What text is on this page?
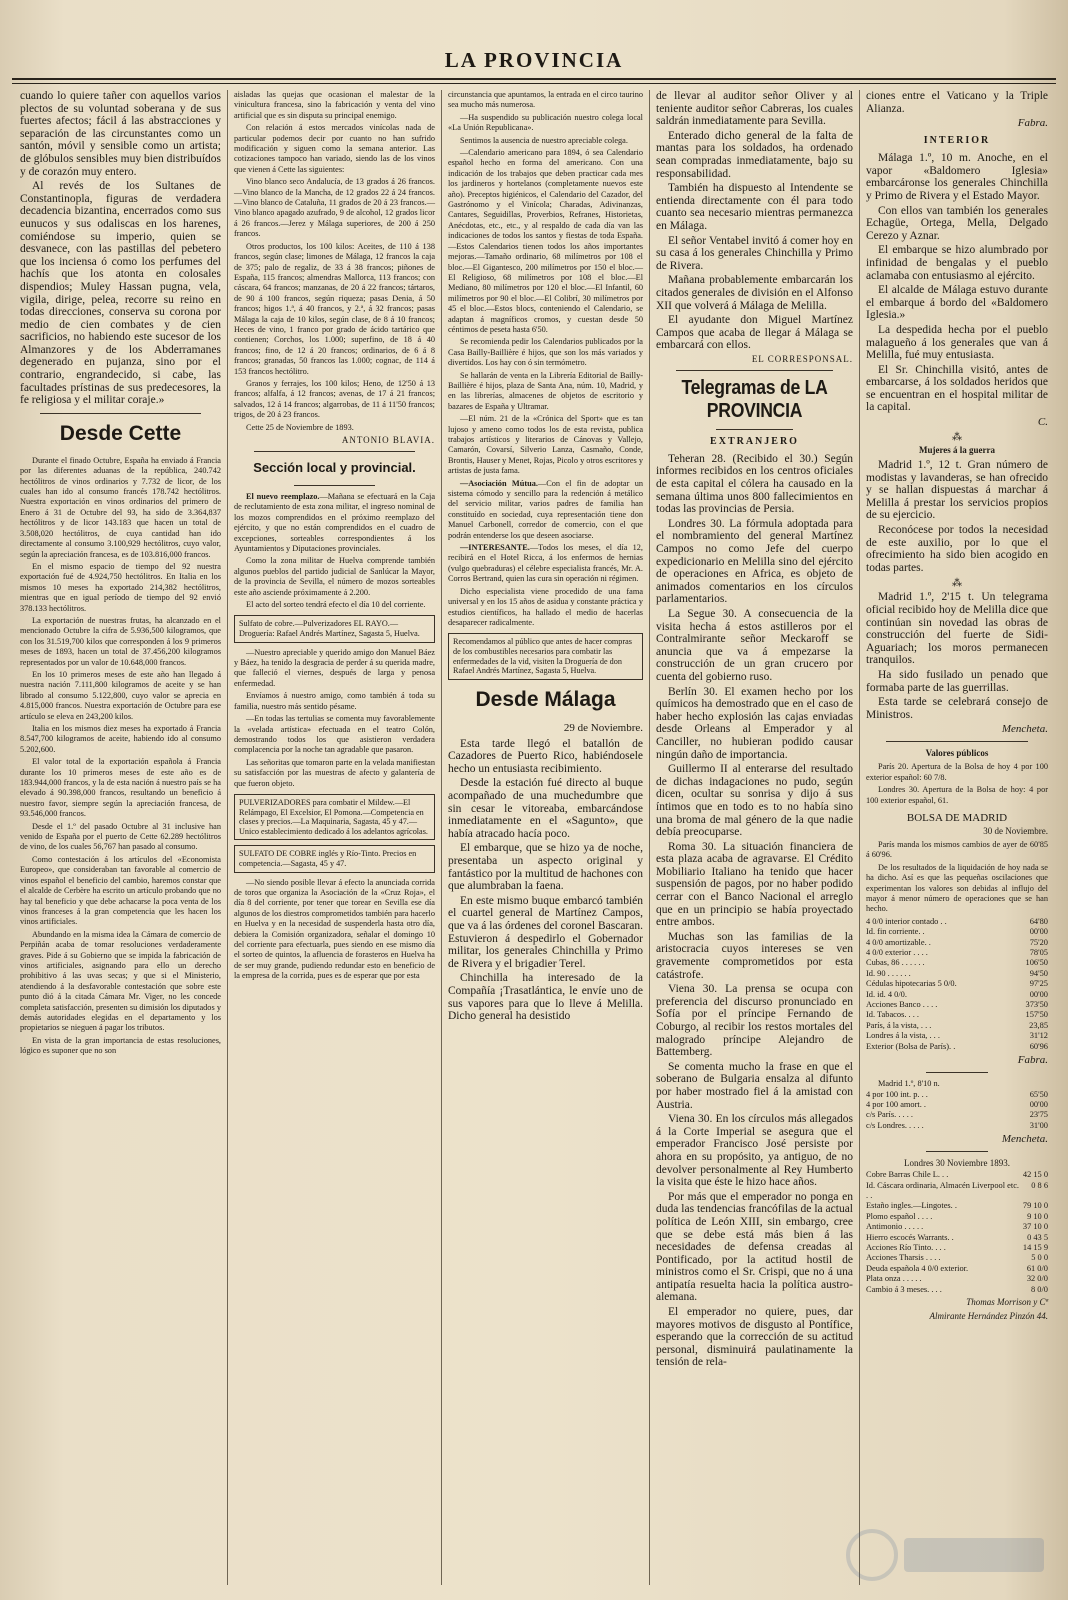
LA PROVINCIA

cuando lo quiere tañer con aquellos varios plectos de su voluntad soberana y de sus fuertes afectos; fácil á las abstracciones y separación de las circunstantes como un santón, móvil y sensible como un artista; de glóbulos sensibles muy bien distribuídos y de corazón muy entero.

Al revés de los Sultanes de Constantinopla, figuras de verdadera decadencia bizantina, encerrados como sus eunucos y sus odaliscas en los harenes, comiéndose su imperio, quien se desvanece, con las pastillas del pebetero que los inciensa ó como los perfumes del hachís que los atonta en colosales dispendios; Muley Hassan pugna, vela, vigila, dirige, pelea, recorre su reino en todas direcciones, conserva su corona por medio de cien combates y de cien sacrificios, no habiendo este sucesor de los Almanzores y de los Abderramanes degenerado en pujanza, sino por el contrario, engrandecido, si cabe, las facultades prístinas de sus predecesores, la fe religiosa y el militar coraje.»

Desde Cette

Durante el finado Octubre, España ha enviado á Francia por las diferentes aduanas de la república, 240.742 hectólitros de vinos ordinarios y 7.732 de licor, de los cuales han ido al consumo francés 178.742 hectólitros. Nuestra exportación en vinos ordinarios del primero de Enero á 31 de Octubre del 93, ha sido de 3.364,837 hectólitros y de licor 143.183 que hacen un total de 3.508,020 hectólitros, de cuya cantidad han ido directamente al consumo 3.100,929 hectólitros, cuyo valor, según la apreciación francesa, es de 103.816,000 francos.

En el mismo espacio de tiempo del 92 nuestra exportación fué de 4.924,750 hectólitros. En Italia en los mismos 10 meses ha exportado 214,382 hectólitros, mientras que en igual período de tiempo del 92 envió 378.133 hectólitros.

La exportación de nuestras frutas, ha alcanzado en el mencionado Octubre la cifra de 5.936,500 kilogramos, que con los 31.519,700 kilos que corresponden á los 9 primeros meses de 1893, hacen un total de 37.456,200 kilogramos representados por un valor de 10.648,000 francos.

En los 10 primeros meses de este año han llegado á nuestra nación 7.111,800 kilogramos de aceite y se han librado al consumo 5.122,800, cuyo valor se aprecia en 4.815,000 francos. Nuestra exportación de Octubre para ese artículo se eleva en 243,200 kilos.

Italia en los mismos diez meses ha exportado á Francia 8.547,700 kilogramos de aceite, habiendo ido al consumo 5.202,600.

El valor total de la exportación española á Francia durante los 10 primeros meses de este año es de 183.944,000 francos, y la de esta nación á nuestro país se ha elevado á 90.398,000 francos, resultando un beneficio á nuestro favor, siempre según la apreciación francesa, de 93.546,000 francos.

Desde el 1.º del pasado Octubre al 31 inclusive han venido de España por el puerto de Cette 62.289 hectólitros de vino, de los cuales 56,767 han pasado al consumo.

Como contestación á los artículos del «Economista Europeo», que consideraban tan favorable al comercio de vinos español el beneficio del cambio, haremos constar que el alcalde de Cerbère ha escrito un artículo probando que no hay tal beneficio y que debe achacarse la poca venta de los vinos franceses á la gran competencia que les hacen los vinos artificiales.

Abundando en la misma idea la Cámara de comercio de Perpiñán acaba de tomar resoluciones verdaderamente graves. Pide á su Gobierno que se impida la fabricación de vinos artificiales, asignando para ello un derecho prohibitivo á las uvas secas; y que si el Ministerio, atendiendo á la desfavorable contestación que sobre este punto dió á la citada Cámara Mr. Viger, no les concede completa satisfacción, presenten su dimisión los diputados y demás autoridades elegidas en el departamento y los propietarios se nieguen á pagar los tributos.

En vista de la gran importancia de estas resoluciones, lógico es suponer que no son

aisladas las quejas que ocasionan el malestar de la vinicultura francesa, sino la fabricación y venta del vino artificial que es sin disputa su principal enemigo.

Con relación á estos mercados vinícolas nada de particular podemos decir por cuanto no han sufrido modificación y siguen como la semana anterior. Las cotizaciones tampoco han variado, siendo las de los vinos que vienen á Cette las siguientes:

Vino blanco seco Andalucía, de 13 grados á 26 francos.—Vino blanco de la Mancha, de 12 grados 22 á 24 francos.—Vino blanco de Cataluña, 11 grados de 20 á 23 francos.—Vino blanco apagado azufrado, 9 de alcohol, 12 grados licor á 26 francos.—Jerez y Málaga superiores, de 200 á 250 francos.

Otros productos, los 100 kilos: Aceites, de 110 á 138 francos, según clase; limones de Málaga, 12 francos la caja de 375; palo de regaliz, de 33 á 38 francos; piñones de España, 115 francos; almendras Mallorca, 113 francos; con cáscara, 64 francos; manzanas, de 20 á 22 francos; tártaros, de 90 á 100 francos, según riqueza; pasas Denia, á 50 francos; higos 1.ª, á 40 francos, y 2.ª, á 32 francos; pasas Málaga la caja de 10 kilos, según clase, de 8 á 10 francos; Heces de vino, 1 franco por grado de ácido tartárico que contienen; Corchos, los 1.000; superfino, de 18 á 40 francos; fino, de 12 á 20 francos; ordinarios, de 6 á 8 francos; granadas, 50 francos las 1.000; cognac, de 114 á 153 francos hectólitro.

Granos y ferrajes, los 100 kilos; Heno, de 12'50 á 13 francos; alfalfa, á 12 francos; avenas, de 17 á 21 francos; salvados, 12 á 14 francos; algarrobas, de 11 á 11'50 francos; trigos, de 20 á 23 francos.

Cette 25 de Noviembre de 1893.

ANTONIO BLAVIA.
Sección local y provincial.

El nuevo reemplazo.—Mañana se efectuará en la Caja de reclutamiento de esta zona militar, el ingreso nominal de los mozos comprendidos en el próximo reemplazo del ejército, y que no están comprendidos en el cuadro de excepciones, sorteables correspondientes á los Ayuntamientos y Diputaciones provinciales.

Como la zona militar de Huelva comprende también algunos pueblos del partido judicial de Sanlúcar la Mayor, de la provincia de Sevilla, el número de mozos sorteables este año asciende próximamente á 2.200.

El acto del sorteo tendrá efecto el día 10 del corriente.

Sulfato de cobre.—Pulverizadores EL RAYO.—Droguería: Rafael Andrés Martínez, Sagasta 5, Huelva.

—Nuestro apreciable y querido amigo don Manuel Báez y Báez, ha tenido la desgracia de perder á su querida madre, que falleció el viernes, después de larga y penosa enfermedad.

Envíamos á nuestro amigo, como también á toda su familia, nuestro más sentido pésame.

—En todas las tertulias se comenta muy favorablemente la «velada artística» efectuada en el teatro Colón, demostrando todos los que asistieron verdadera complacencia por la noche tan agradable que pasaron.

Las señoritas que tomaron parte en la velada manifiestan su satisfacción por las muestras de afecto y galantería de que fueron objeto.

PULVERIZADORES para combatir el Mildew.—El Relámpago, El Excelsior, El Pomona.—Competencia en clases y precios.—La Maquinaria, Sagasta, 45 y 47.—Unico establecimiento dedicado á los adelantos agrícolas.
SULFATO DE COBRE inglés y Río-Tinto. Precios en competencia.—Sagasta, 45 y 47.

—No siendo posible llevar á efecto la anunciada corrida de toros que organiza la Asociación de la «Cruz Roja», el día 8 del corriente, por tener que torear en Sevilla ese día algunos de los diestros comprometidos también para hacerlo en Huelva y en la necesidad de suspenderla hasta otro día, debiera la Comisión organizadora, señalar el domingo 10 del corriente para efectuarla, pues siendo en ese mismo día el sorteo de quintos, la afluencia de forasteros en Huelva ha de ser muy grande, pudiendo redundar esto en beneficio de la empresa de la corrida, pues es de esperar que por esta

circunstancia que apuntamos, la entrada en el circo taurino sea mucho más numerosa.

—Ha suspendido su publicación nuestro colega local «La Unión Republicana».

Sentimos la ausencia de nuestro apreciable colega.

—Calendario americano para 1894, ó sea Calendario español hecho en forma del americano. Con una indicación de los trabajos que deben practicar cada mes los jardineros y hortelanos (completamente nuevos este año). Preceptos higiénicos, el Calendario del Cazador, del Gastrónomo y el Vinícola; Charadas, Adivinanzas, Cantares, Seguidillas, Proverbios, Refranes, Historietas, Anécdotas, etc., etc., y al respaldo de cada día van las indicaciones de todos los santos y fiestas de toda España.—Estos Calendarios tienen todos los años importantes mejoras.—Tamaño ordinario, 68 milímetros por 108 el bloc.—El Gigantesco, 200 milímetros por 150 el bloc.—El Religioso, 68 milímetros por 108 el bloc.—El Mediano, 80 milímetros por 120 el bloc.—El Infantil, 60 milímetros por 90 el bloc.—El Colibrí, 30 milímetros por 45 el bloc.—Estos blocs, conteniendo el Calendario, se adaptan á magníficos cromos, y cuestan desde 50 céntimos de peseta hasta 6'50.

Se recomienda pedir los Calendarios publicados por la Casa Bailly-Baillière é hijos, que son los más variados y divertidos. Los hay con ó sin termómetro.

Se hallarán de venta en la Librería Editorial de Bailly-Baillière é hijos, plaza de Santa Ana, núm. 10, Madrid, y en las librerías, almacenes de objetos de escritorio y bazares de España y Ultramar.

—El núm. 21 de la «Crónica del Sport» que es tan lujoso y ameno como todos los de esta revista, publica trabajos artísticos y literarios de Cánovas y Vallejo, Camarón, Covarsí, Silverio Lanza, Casmaño, Conde, Brontis, Hauser y Menet, Rojas, Picolo y otros escritores y artistas de justa fama.

—Asociación Mútua.—Con el fin de adoptar un sistema cómodo y sencillo para la redención á metálico del servicio militar, varios padres de familia han constituído en sociedad, cuya representación tiene don Manuel Carbonell, corredor de comercio, con el que podrán entenderse los que deseen asociarse.

—INTERESANTE.—Todos los meses, el día 12, recibirá en el Hotel Ricca, á los enfermos de hernias (vulgo quebraduras) el célebre especialista francés, Mr. A. Corros Bertrand, quien las cura sin operación ni régimen.

Dicho especialista viene procedido de una fama universal y en los 15 años de asidua y constante práctica y estudios científicos, ha hallado el medio de hacerlas desaparecer radicalmente.

Recomendamos al público que antes de hacer compras de los combustibles necesarios para combatir las enfermedades de la vid, visiten la Droguería de don Rafael Andrés Martínez, Sagasta 5, Huelva.
Desde Málaga
29 de Noviembre.

Esta tarde llegó el batallón de Cazadores de Puerto Rico, habiéndosele hecho un entusiasta recibimiento.

Desde la estación fué directo al buque acompañado de una muchedumbre que sin cesar le vitoreaba, embarcándose inmediatamente en el «Sagunto», que había atracado hacía poco.

El embarque, que se hizo ya de noche, presentaba un aspecto original y fantástico por la multitud de hachones con que alumbraban la faena.

En este mismo buque embarcó también el cuartel general de Martínez Campos, que va á las órdenes del coronel Bascaran. Estuvieron á despedirlo el Gobernador militar, los generales Chinchilla y Primo de Rivera y el brigadier Terel.

Chinchilla ha interesado de la Compañía ¡Trasatlántica, le envíe uno de sus vapores para que lo lleve á Melilla. Dicho general ha desistido

de llevar al auditor señor Oliver y al teniente auditor señor Cabreras, los cuales saldrán inmediatamente para Sevilla.

Enterado dicho general de la falta de mantas para los soldados, ha ordenado sean compradas inmediatamente, bajo su responsabilidad.

También ha dispuesto al Intendente se entienda directamente con él para todo cuanto sea necesario mientras permanezca en Málaga.

El señor Ventabel invitó á comer hoy en su casa á los generales Chinchilla y Primo de Rivera.

Mañana probablemente embarcarán los citados generales de división en el Alfonso XII que volverá á Málaga de Melilla.

El ayudante don Miguel Martínez Campos que acaba de llegar á Málaga se embarcará con ellos.

EL CORRESPONSAL.
Telegramas de LA PROVINCIA
EXTRANJERO

Teheran 28. (Recibido el 30.) Según informes recibidos en los centros oficiales de esta capital el cólera ha causado en la semana última unos 800 fallecimientos en todas las provincias de Persia.

Londres 30. La fórmula adoptada para el nombramiento del general Martínez Campos no como Jefe del cuerpo expedicionario en Melilla sino del ejército de operaciones en Africa, es objeto de animados comentarios en los círculos parlamentarios.

La Segue 30. A consecuencia de la visita hecha á estos astilleros por el Contralmirante señor Meckaroff se anuncia que va á empezarse la construcción de un gran crucero por cuenta del gobierno ruso.

Berlín 30. El examen hecho por los químicos ha demostrado que en el caso de haber hecho explosión las cajas enviadas desde Orleans al Emperador y al Canciller, no hubieran podido causar ningún daño de importancia.

Guillermo II al enterarse del resultado de dichas indagaciones no pudo, según dicen, ocultar su sonrisa y dijo á sus íntimos que en todo es to no había sino una broma de mal género de la que nadie debía preocuparse.

Roma 30. La situación financiera de esta plaza acaba de agravarse. El Crédito Mobiliario Italiano ha tenido que hacer suspensión de pagos, por no haber podido cerrar con el Banco Nacional el arreglo que en un principio se había proyectado entre ambos.

Muchas son las familias de la aristocracia cuyos intereses se ven gravemente comprometidos por esta catástrofe.

Viena 30. La prensa se ocupa con preferencia del discurso pronunciado en Sofía por el príncipe Fernando de Coburgo, al recibir los restos mortales del malogrado príncipe Alejandro de Battemberg.

Se comenta mucho la frase en que el soberano de Bulgaria ensalza al difunto por haber mostrado fiel á la amistad con Austria.

Viena 30. En los círculos más allegados á la Corte Imperial se asegura que el emperador Francisco José persiste por ahora en su propósito, ya antiguo, de no devolver personalmente al Rey Humberto la visita que éste le hizo hace años.

Por más que el emperador no ponga en duda las tendencias francófilas de la actual política de León XIII, sin embargo, cree que se debe está más bien á las necesidades de defensa creadas al Pontificado, por la actitud hostil de ministros como el Sr. Crispi, que no á una antipatía resuelta hacia la política austro-alemana.

El emperador no quiere, pues, dar mayores motivos de disgusto al Pontífice, esperando que la corrección de su actitud personal, disminuirá paulatinamente la tensión de rela-

ciones entre el Vaticano y la Triple Alianza.

Fabra.
INTERIOR

Málaga 1.º, 10 m. Anoche, en el vapor «Baldomero Iglesia» embarcáronse los generales Chinchilla y Primo de Rivera y el Estado Mayor.

Con ellos van también los generales Echagüe, Ortega, Mella, Delgado Cerezo y Aznar.

El embarque se hizo alumbrado por infinidad de bengalas y el pueblo aclamaba con entusiasmo al ejército.

El alcalde de Málaga estuvo durante el embarque á bordo del «Baldomero Iglesia.»

La despedida hecha por el pueblo malagueño á los generales que van á Melilla, fué muy entusiasta.

El Sr. Chinchilla visitó, antes de embarcarse, á los soldados heridos que se encuentran en el hospital militar de la capital.

C.
⁂
Mujeres á la guerra

Madrid 1.º, 12 t. Gran número de modistas y lavanderas, se han ofrecido y se hallan dispuestas á marchar á Melilla á prestar los servicios propios de su ejercicio.

Reconócese por todos la necesidad de este auxilio, por lo que el ofrecimiento ha sido bien acogido en todas partes.

⁂

Madrid 1.º, 2'15 t. Un telegrama oficial recibido hoy de Melilla dice que continúan sin novedad las obras de construcción del fuerte de Sidi-Aguariach; los moros permanecen tranquilos.

Ha sido fusilado un penado que formaba parte de las guerrillas.

Esta tarde se celebrará consejo de Ministros.

Mencheta.
Valores públicos

París 20. Apertura de la Bolsa de hoy 4 por 100 exterior español: 60 7/8.

Londres 30. Apertura de la Bolsa de hoy: 4 por 100 exterior español, 61.

BOLSA DE MADRID
30 de Noviembre.

París manda los mismos cambios de ayer de 60'85 á 60'96.

De los resultados de la liquidación de hoy nada se ha dicho. Así es que las pequeñas oscilaciones que experimentan los valores son debidas al influjo del mayor á menor número de operaciones que se han hecho.

4 0/0 interior contado . .	64'80
Id. fin corriente. .	00'00
4 0/0 amortizable. .	75'20
4 0/0 exterior . . . .	78'05
Cubas, 86 . . . . . .	106'50
Id. 90 . . . . . .	94'50
Cédulas hipotecarias 5 0/0.	97'25
Id. id. 4 0/0.	00'00
Acciones Banco . . . .	373'50
Id. Tabacos. . . .	157'50
París, á la vista, . . .	23,85
Londres á la vista, . . .	31'12
Exterior (Bolsa de París). .	60'96
Fabra.
Madrid 1.º, 8'10 n.
4 por 100 int. p. . .	65'50
4 por 100 amort. .	00'00
c/s París. . . . .	23'75
c/s Londres. . . . .	31'00
Mencheta.
Londres 30 Noviembre 1893.
Cobre Barras Chile L. . .	42 15 0
Id. Cáscara ordinaria, Almacén Liverpool etc. . .	0 8 6
Estaño ingles.—Lingotes. .	79 10 0
Plomo español . . . .	9 10 0
Antimonio . . . . .	37 10 0
Hierro escocés Warrants. .	0 43 5
Acciones Río Tinto. . . .	14 15 9
Acciones Tharsis . . . .	5 0 0
Deuda española 4 0/0 exterior.	61 0/0
Plata onza . . . . .	32 0/0
Cambio á 3 meses. . . .	8 0/0
Thomas Morrison y Cª
Almirante Hernández Pinzón 44.
